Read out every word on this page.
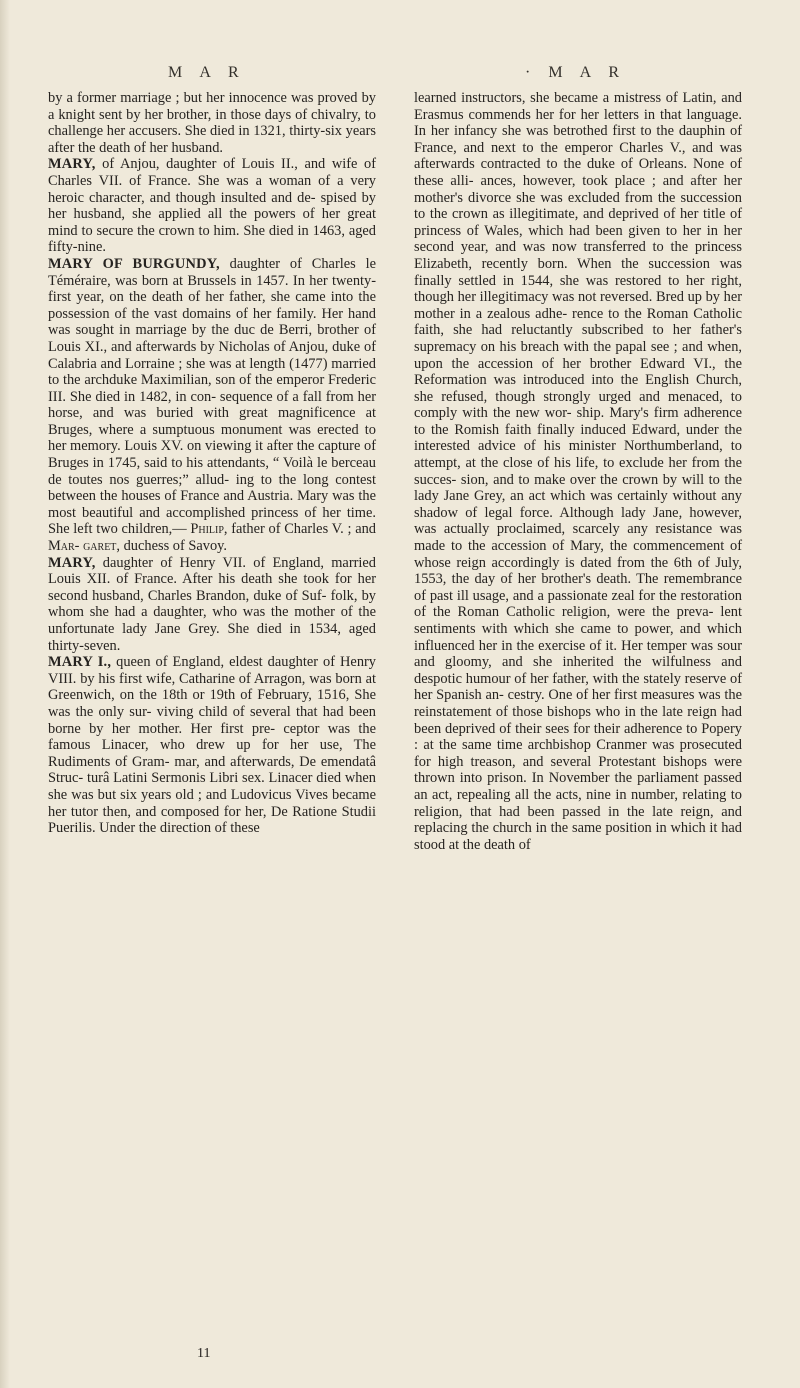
M A R	· M A R

by a former marriage ; but her innocence was proved by a knight sent by her brother, in those days of chivalry, to challenge her accusers. She died in 1321, thirty-six years after the death of her husband.

MARY, of Anjou, daughter of Louis II., and wife of Charles VII. of France. She was a woman of a very heroic character, and though insulted and de- spised by her husband, she applied all the powers of her great mind to secure the crown to him. She died in 1463, aged fifty-nine.

MARY OF BURGUNDY, daughter of Charles le Téméraire, was born at Brussels in 1457. In her twenty-first year, on the death of her father, she came into the possession of the vast domains of her family. Her hand was sought in marriage by the duc de Berri, brother of Louis XI., and afterwards by Nicholas of Anjou, duke of Calabria and Lorraine ; she was at length (1477) married to the archduke Maximilian, son of the emperor Frederic III. She died in 1482, in con- sequence of a fall from her horse, and was buried with great magnificence at Bruges, where a sumptuous monument was erected to her memory. Louis XV. on viewing it after the capture of Bruges in 1745, said to his attendants, “ Voilà le berceau de toutes nos guerres;” allud- ing to the long contest between the houses of France and Austria. Mary was the most beautiful and accomplished princess of her time. She left two children,— Philip, father of Charles V. ; and Mar- garet, duchess of Savoy.

MARY, daughter of Henry VII. of England, married Louis XII. of France. After his death she took for her second husband, Charles Brandon, duke of Suf- folk, by whom she had a daughter, who was the mother of the unfortunate lady Jane Grey. She died in 1534, aged thirty-seven.

MARY I., queen of England, eldest daughter of Henry VIII. by his first wife, Catharine of Arragon, was born at Greenwich, on the 18th or 19th of February, 1516, She was the only sur- viving child of several that had been borne by her mother. Her first pre- ceptor was the famous Linacer, who drew up for her use, The Rudiments of Gram- mar, and afterwards, De emendatâ Struc- turâ Latini Sermonis Libri sex. Linacer died when she was but six years old ; and Ludovicus Vives became her tutor then, and composed for her, De Ratione Studii Puerilis. Under the direction of these

learned instructors, she became a mistress of Latin, and Erasmus commends her for her letters in that language. In her infancy she was betrothed first to the dauphin of France, and next to the emperor Charles V., and was afterwards contracted to the duke of Orleans. None of these alli- ances, however, took place ; and after her mother's divorce she was excluded from the succession to the crown as illegitimate, and deprived of her title of princess of Wales, which had been given to her in her second year, and was now transferred to the princess Elizabeth, recently born. When the succession was finally settled in 1544, she was restored to her right, though her illegitimacy was not reversed. Bred up by her mother in a zealous adhe- rence to the Roman Catholic faith, she had reluctantly subscribed to her father's supremacy on his breach with the papal see ; and when, upon the accession of her brother Edward VI., the Reformation was introduced into the English Church, she refused, though strongly urged and menaced, to comply with the new wor- ship. Mary's firm adherence to the Romish faith finally induced Edward, under the interested advice of his minister Northumberland, to attempt, at the close of his life, to exclude her from the succes- sion, and to make over the crown by will to the lady Jane Grey, an act which was certainly without any shadow of legal force. Although lady Jane, however, was actually proclaimed, scarcely any resistance was made to the accession of Mary, the commencement of whose reign accordingly is dated from the 6th of July, 1553, the day of her brother's death. The remembrance of past ill usage, and a passionate zeal for the restoration of the Roman Catholic religion, were the preva- lent sentiments with which she came to power, and which influenced her in the exercise of it. Her temper was sour and gloomy, and she inherited the wilfulness and despotic humour of her father, with the stately reserve of her Spanish an- cestry. One of her first measures was the reinstatement of those bishops who in the late reign had been deprived of their sees for their adherence to Popery : at the same time archbishop Cranmer was prosecuted for high treason, and several Protestant bishops were thrown into prison. In November the parliament passed an act, repealing all the acts, nine in number, relating to religion, that had been passed in the late reign, and replacing the church in the same position in which it had stood at the death of

11
